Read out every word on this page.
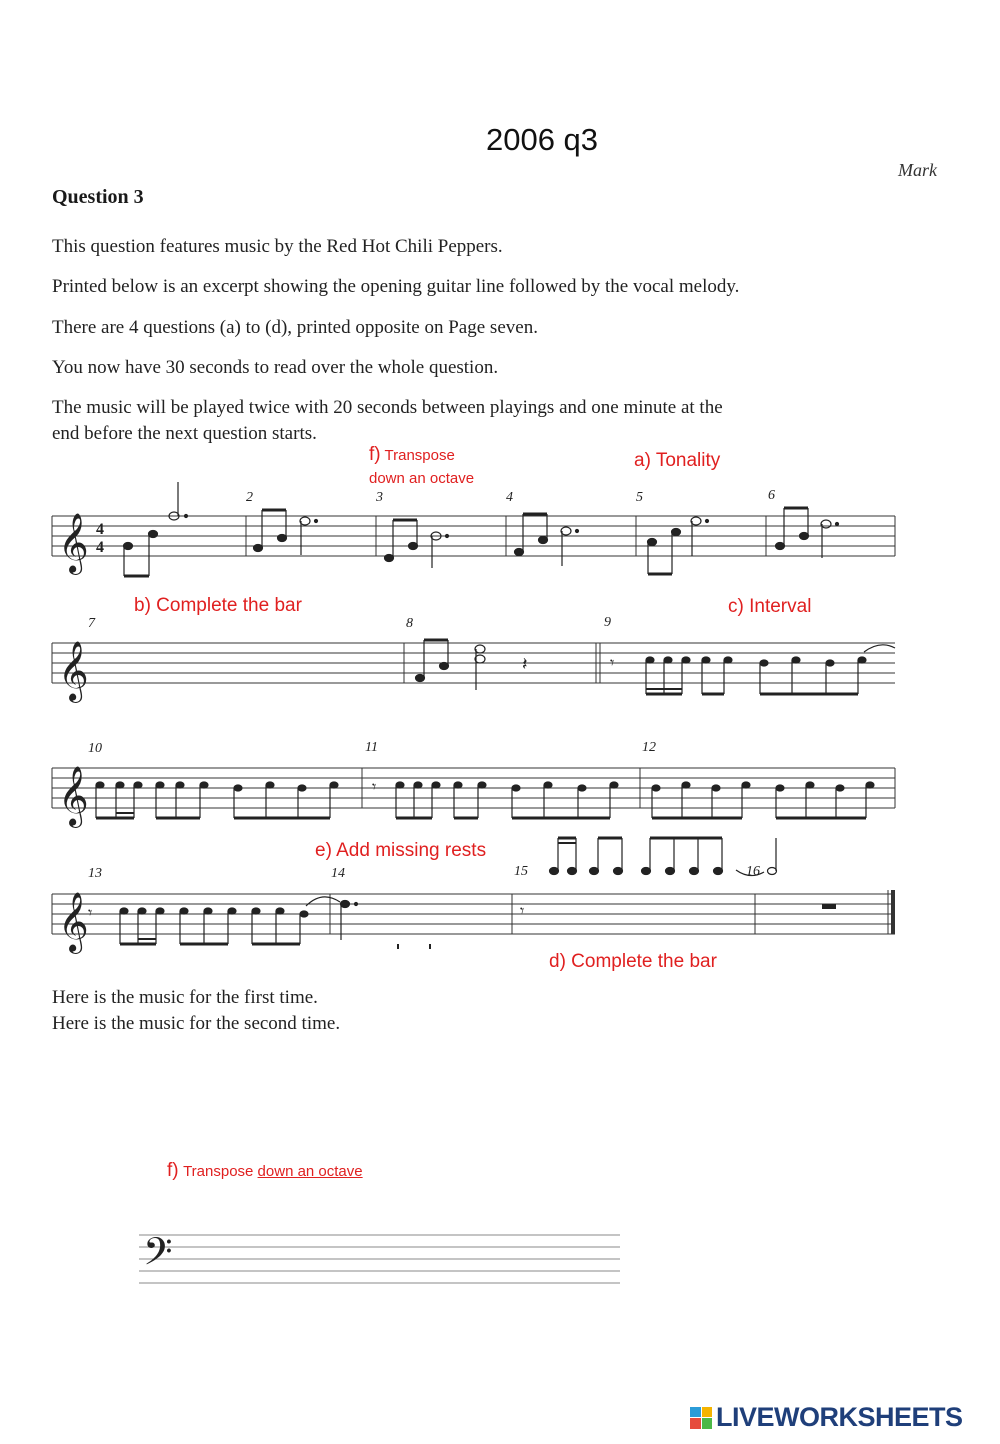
2006 q3
Mark
Question 3
This question features music by the Red Hot Chili Peppers.
Printed below is an excerpt showing the opening guitar line followed by the vocal melody.
There are 4 questions (a) to (d), printed opposite on Page seven.
You now have 30 seconds to read over the whole question.
The music will be played twice with 20 seconds between playings and one minute at the
end before the next question starts.
f) Transpose
down an octave
a) Tonality
b) Complete the bar	c) Interval
e) Add missing rests
d) Complete the bar
𝄞 4
4
2	3	4	5	6
𝄞	𝄽	𝄾
7	8	9
𝄞	𝄾
10	11	12
16
𝄞 𝄾	𝄾
13	14	15
𝄢
Here is the music for the first time.
Here is the music for the second time.
f) Transpose down an octave
LIVEWORKSHEETS
